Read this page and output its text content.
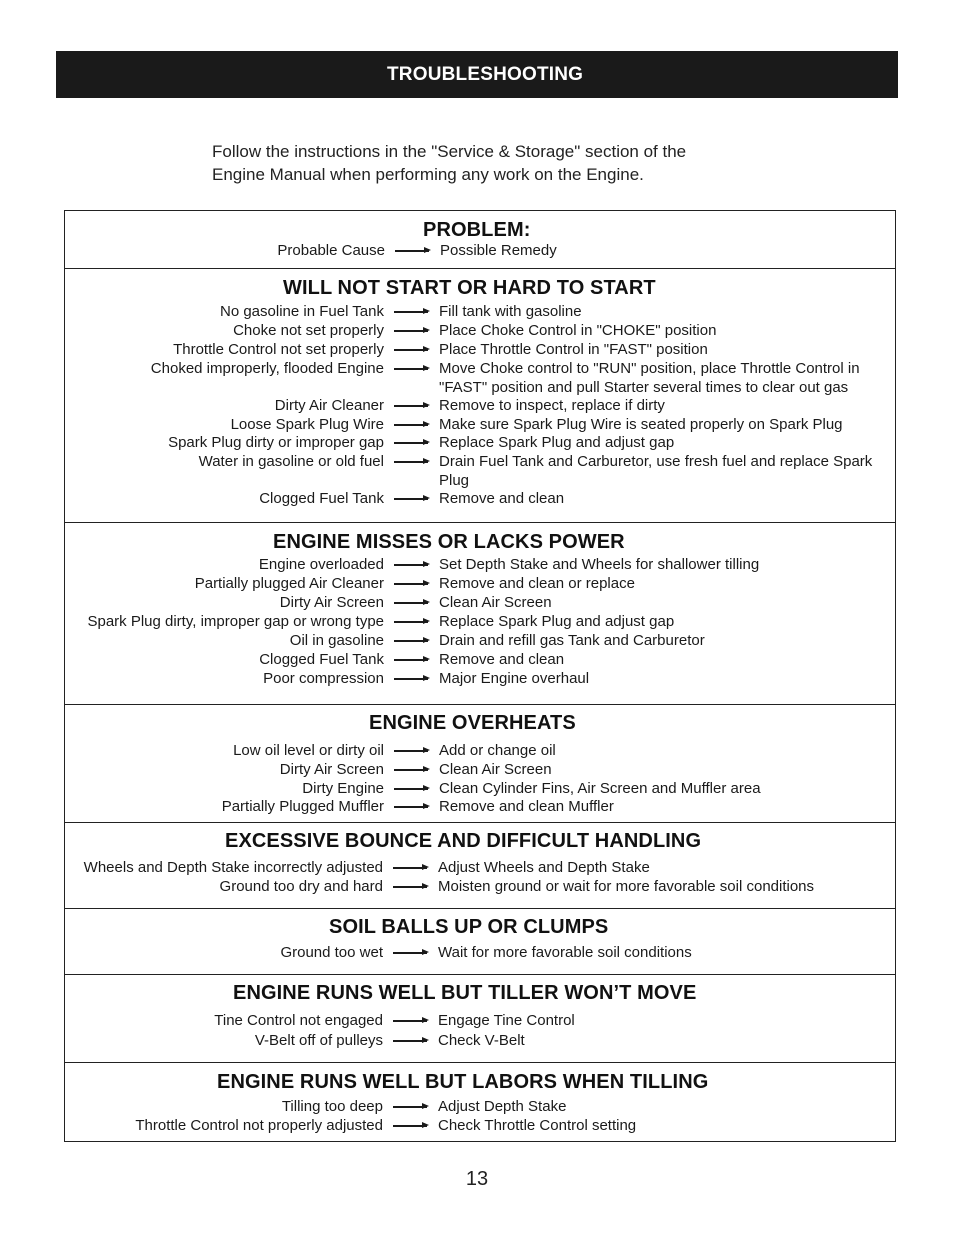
TROUBLESHOOTING
Follow the instructions in the "Service & Storage" section of the
Engine Manual when performing any work on the Engine.
PROBLEM:
Probable Cause	Possible Remedy
WILL NOT START OR HARD TO START
No gasoline in Fuel Tank	Fill tank with gasoline
Choke not set properly	Place Choke Control in "CHOKE" position
Throttle Control not set properly	Place Throttle Control in "FAST" position
Choked improperly, flooded Engine	Move Choke control to "RUN" position, place Throttle Control in "FAST" position and pull Starter several times to clear out gas
Dirty Air Cleaner	Remove to inspect, replace if dirty
Loose Spark Plug Wire	Make sure Spark Plug Wire is seated properly on Spark Plug
Spark Plug dirty or improper gap	Replace Spark Plug and adjust gap
Water in gasoline or old fuel	Drain Fuel Tank and Carburetor, use fresh fuel and replace Spark Plug
Clogged Fuel Tank	Remove and clean
ENGINE MISSES OR LACKS POWER
Engine overloaded	Set Depth Stake and Wheels for shallower tilling
Partially plugged Air Cleaner	Remove and clean or replace
Dirty Air Screen	Clean Air Screen
Spark Plug dirty, improper gap or wrong type	Replace Spark Plug and adjust gap
Oil in gasoline	Drain and refill gas Tank and Carburetor
Clogged Fuel Tank	Remove and clean
Poor compression	Major Engine overhaul
ENGINE OVERHEATS
Low oil level or dirty oil	Add or change oil
Dirty Air Screen	Clean Air Screen
Dirty Engine	Clean Cylinder Fins, Air Screen and Muffler area
Partially Plugged Muffler	Remove and clean Muffler
EXCESSIVE BOUNCE AND DIFFICULT HANDLING
Wheels and Depth Stake incorrectly adjusted	Adjust Wheels and Depth Stake
Ground too dry and hard	Moisten ground or wait for more favorable soil conditions
SOIL BALLS UP OR CLUMPS
Ground too wet	Wait for more favorable soil conditions
ENGINE RUNS WELL BUT TILLER WON’T MOVE
Tine Control not engaged	Engage Tine Control
V-Belt off of pulleys	Check V-Belt
ENGINE RUNS WELL BUT LABORS WHEN TILLING
Tilling too deep	Adjust Depth Stake
Throttle Control not properly adjusted	Check Throttle Control setting
13
